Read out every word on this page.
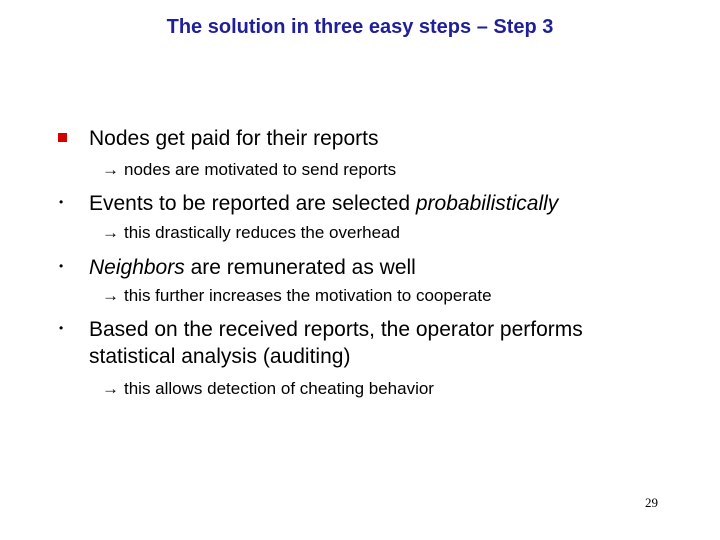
The solution in three easy steps – Step 3
Nodes get paid for their reports
→ nodes are motivated to send reports
• Events to be reported are selected probabilistically
→ this drastically reduces the overhead
• Neighbors are remunerated as well
→ this further increases the motivation to cooperate
• Based on the received reports, the operator performs
statistical analysis (auditing)
→ this allows detection of cheating behavior
29
